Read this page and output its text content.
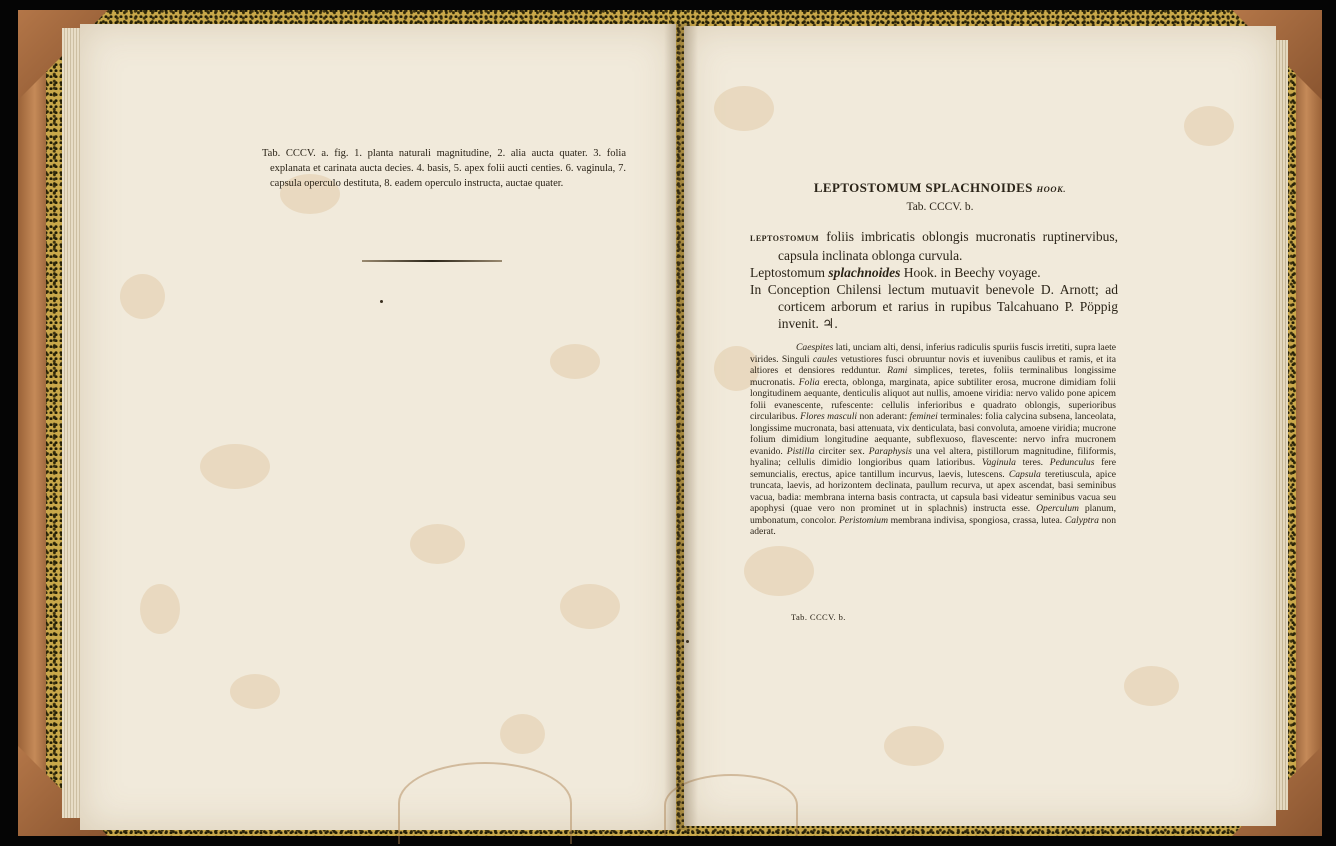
Tab. CCCV. a. fig. 1. planta naturali magnitudine, 2. alia aucta quater. 3. folia explanata et carinata aucta decies. 4. basis, 5. apex folii aucti centies. 6. vaginula, 7. capsula operculo destituta, 8. eadem operculo instructa, auctae quater.	LEPTOSTOMUM SPLACHNOIDES HOOK.
Tab. CCCV. b.

LEPTOSTOMUM foliis imbricatis oblongis mucronatis ruptinervibus, capsula inclinata oblonga curvula.

Leptostomum splachnoides Hook. in Beechy voyage.

In Conception Chilensi lectum mutuavit benevole D. Arnott; ad corticem arborum et rarius in rupibus Talcahuano P. Pöppig invenit. ♃.

Caespites lati, unciam alti, densi, inferius radiculis spuriis fuscis irretiti, supra laete virides. Singuli caules vetustiores fusci obruuntur novis et iuvenibus caulibus et ramis, et ita altiores et densiores redduntur. Rami simplices, teretes, foliis terminalibus longissime mucronatis. Folia erecta, oblonga, marginata, apice subtiliter erosa, mucrone dimidiam folii longitudinem aequante, denticulis aliquot aut nullis, amoene viridia: nervo valido pone apicem folii evanescente, rufescente: cellulis inferioribus e quadrato oblongis, superioribus circularibus. Flores masculi non aderant: feminei terminales: folia calycina subsena, lanceolata, longissime mucronata, basi attenuata, vix denticulata, basi convoluta, amoene viridia; mucrone folium dimidium longitudine aequante, subflexuoso, flavescente: nervo infra mucronem evanido. Pistilla circiter sex. Paraphysis una vel altera, pistillorum magnitudine, filiformis, hyalina; cellulis dimidio longioribus quam latioribus. Vaginula teres. Pedunculus fere semuncialis, erectus, apice tantillum incurvus, laevis, lutescens. Capsula teretiuscula, apice truncata, laevis, ad horizontem declinata, paullum recurva, ut apex ascendat, basi seminibus vacua, badia: membrana interna basis contracta, ut capsula basi videatur seminibus vacua seu apophysi (quae vero non prominet ut in splachnis) instructa esse. Operculum planum, umbonatum, concolor. Peristomium membrana indivisa, spongiosa, crassa, lutea. Calyptra non aderat.
Tab. CCCV. b.
